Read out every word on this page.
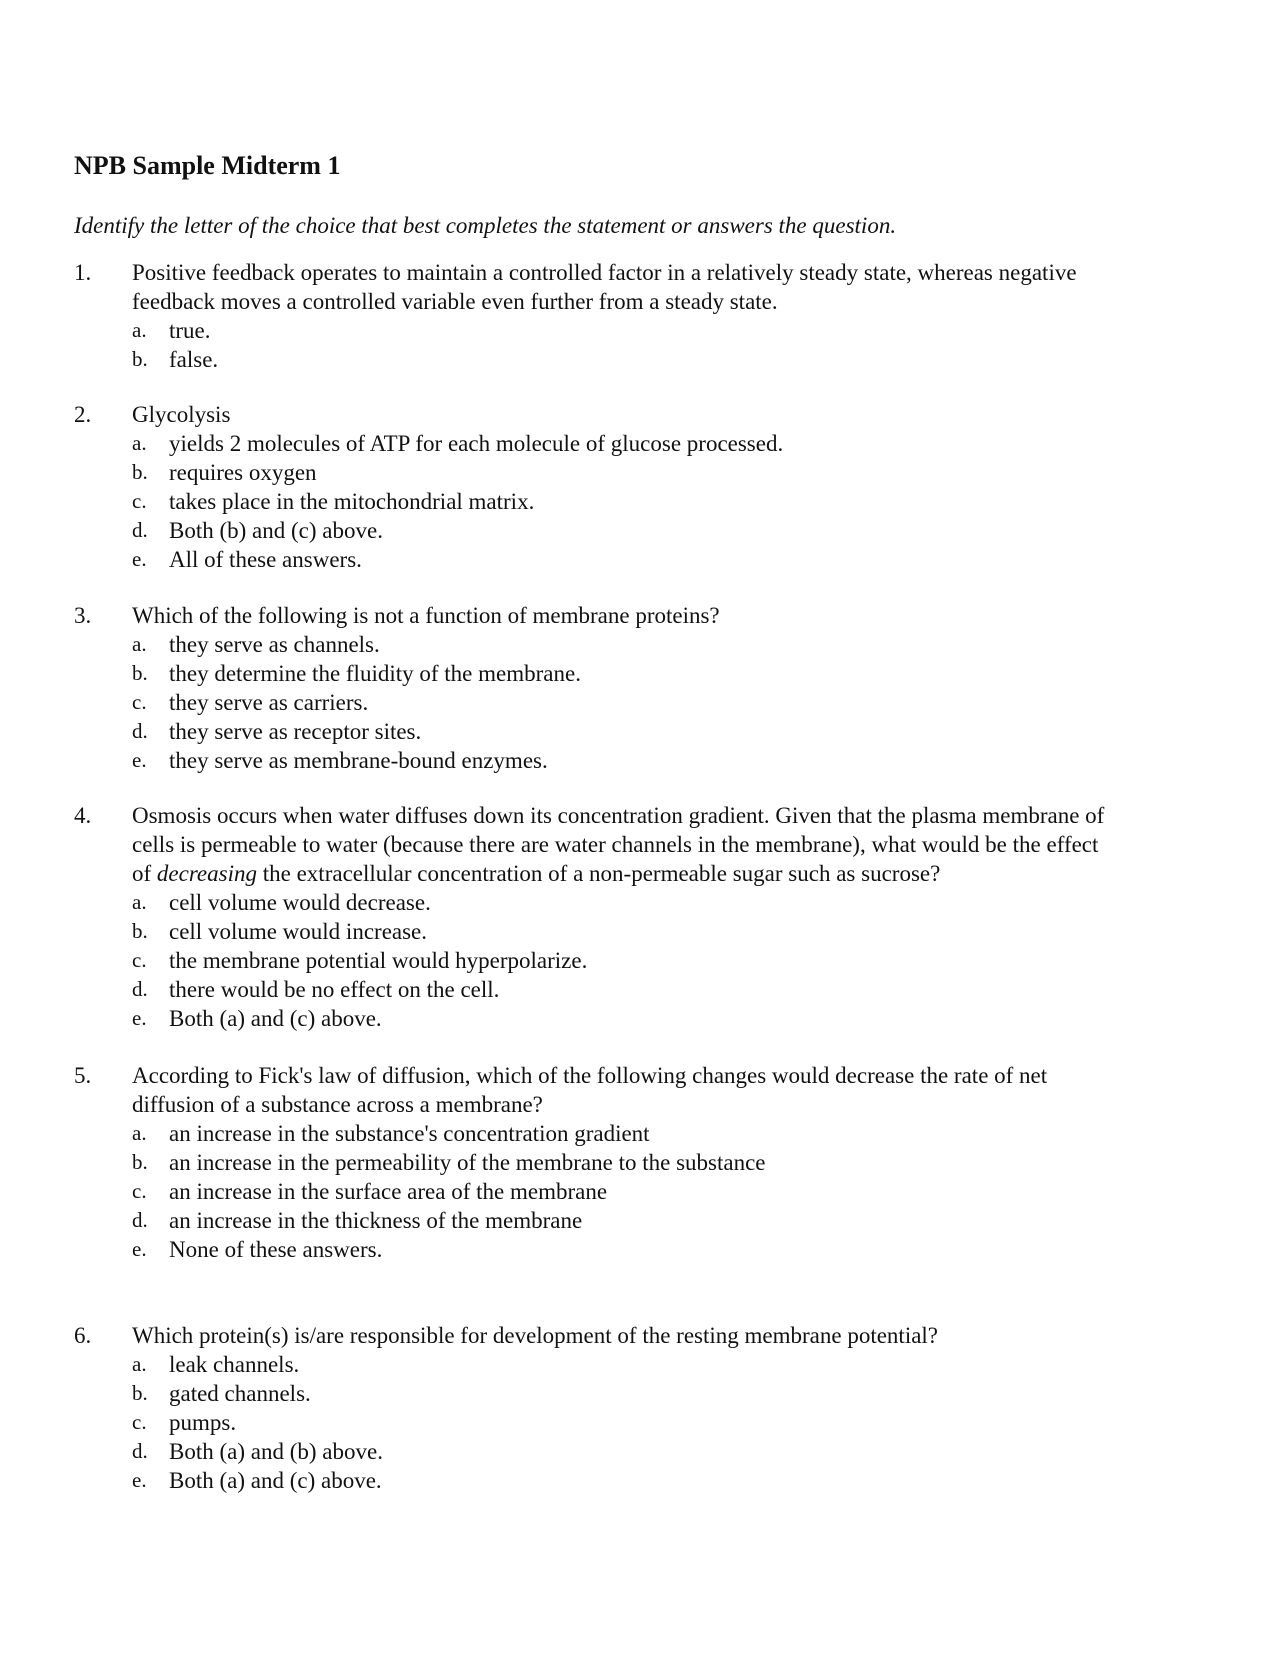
NPB Sample Midterm 1

Identify the letter of the choice that best completes the statement or answers the question.

1. Positive feedback operates to maintain a controlled factor in a relatively steady state, whereas negative
feedback moves a controlled variable even further from a steady state.
a. true.
b. false.
2. Glycolysis
a. yields 2 molecules of ATP for each molecule of glucose processed.
b. requires oxygen
c. takes place in the mitochondrial matrix.
d. Both (b) and (c) above.
e. All of these answers.
3. Which of the following is not a function of membrane proteins?
a. they serve as channels.
b. they determine the fluidity of the membrane.
c. they serve as carriers.
d. they serve as receptor sites.
e. they serve as membrane-bound enzymes.
4. Osmosis occurs when water diffuses down its concentration gradient. Given that the plasma membrane of
cells is permeable to water (because there are water channels in the membrane), what would be the effect
of decreasing the extracellular concentration of a non-permeable sugar such as sucrose?
a. cell volume would decrease.
b. cell volume would increase.
c. the membrane potential would hyperpolarize.
d. there would be no effect on the cell.
e. Both (a) and (c) above.
5. According to Fick's law of diffusion, which of the following changes would decrease the rate of net
diffusion of a substance across a membrane?
a. an increase in the substance's concentration gradient
b. an increase in the permeability of the membrane to the substance
c. an increase in the surface area of the membrane
d. an increase in the thickness of the membrane
e. None of these answers.
6. Which protein(s) is/are responsible for development of the resting membrane potential?
a. leak channels.
b. gated channels.
c. pumps.
d. Both (a) and (b) above.
e. Both (a) and (c) above.
